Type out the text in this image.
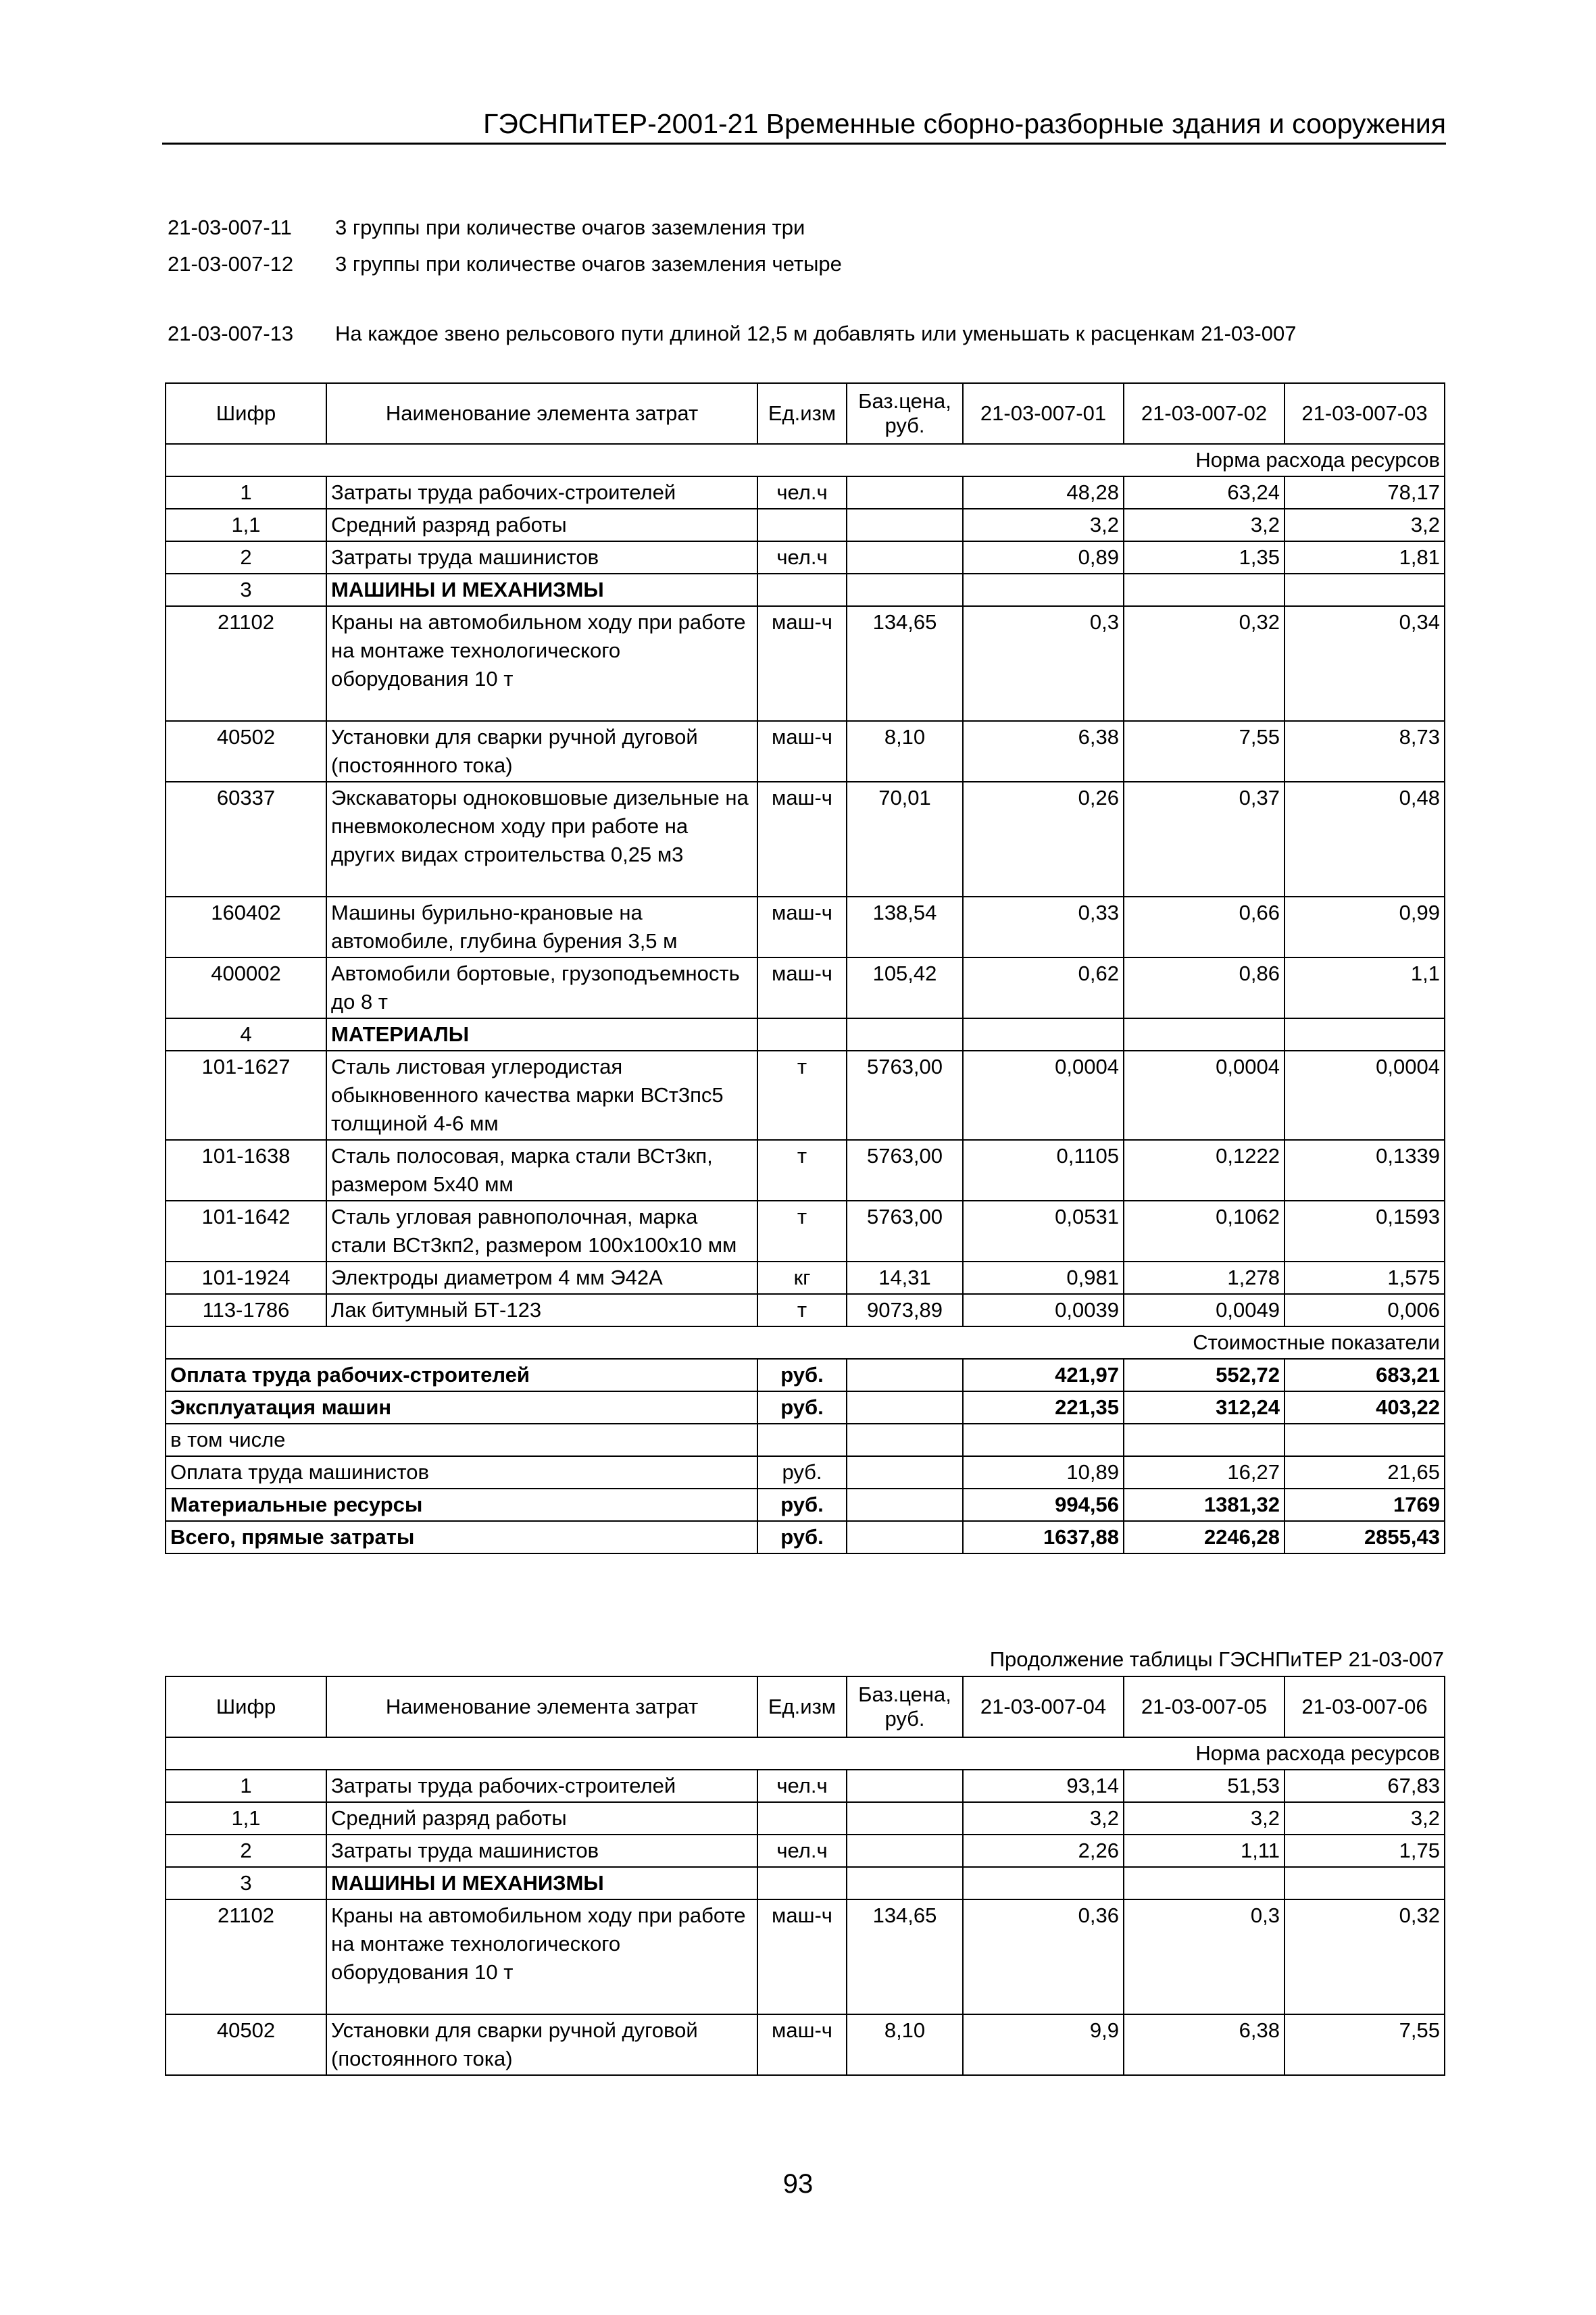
ГЭСНПиТЕР-2001-21 Временные сборно-разборные здания и сооружения
21-03-007-11	3 группы при количестве очагов заземления три
21-03-007-12	3 группы при количестве очагов заземления четыре
21-03-007-13	На каждое звено рельсового пути длиной 12,5 м добавлять или уменьшать к расценкам 21-03-007
Шифр	Наименование элемента затрат	Ед.изм	Баз.цена, руб.	21-03-007-01	21-03-007-02	21-03-007-03
Норма расхода ресурсов						
1	Затраты труда рабочих-строителей	чел.ч		48,28	63,24	78,17
1,1	Средний разряд работы			3,2	3,2	3,2
2	Затраты труда машинистов	чел.ч		0,89	1,35	1,81
3	МАШИНЫ И МЕХАНИЗМЫ					
21102	Краны на автомобильном ходу при работе на монтаже технологического оборудования 10 т	маш-ч	134,65	0,3	0,32	0,34
40502	Установки для сварки ручной дуговой (постоянного тока)	маш-ч	8,10	6,38	7,55	8,73
60337	Экскаваторы одноковшовые дизельные на пневмоколесном ходу при работе на других видах строительства 0,25 м3	маш-ч	70,01	0,26	0,37	0,48
160402	Машины бурильно-крановые на автомобиле, глубина бурения 3,5 м	маш-ч	138,54	0,33	0,66	0,99
400002	Автомобили бортовые, грузоподъемность до 8 т	маш-ч	105,42	0,62	0,86	1,1
4	МАТЕРИАЛЫ					
101-1627	Сталь листовая углеродистая обыкновенного качества марки ВСт3пс5 толщиной 4-6 мм	т	5763,00	0,0004	0,0004	0,0004
101-1638	Сталь полосовая, марка стали ВСт3кп, размером 5х40 мм	т	5763,00	0,1105	0,1222	0,1339
101-1642	Сталь угловая равнополочная, марка стали ВСт3кп2, размером 100х100х10 мм	т	5763,00	0,0531	0,1062	0,1593
101-1924	Электроды диаметром 4 мм Э42А	кг	14,31	0,981	1,278	1,575
113-1786	Лак битумный БТ-123	т	9073,89	0,0039	0,0049	0,006
Стоимостные показатели						
Оплата труда рабочих-строителей		руб.		421,97	552,72	683,21
Эксплуатация машин		руб.		221,35	312,24	403,22
в том числе						
Оплата труда машинистов		руб.		10,89	16,27	21,65
Материальные ресурсы		руб.		994,56	1381,32	1769
Всего, прямые затраты		руб.		1637,88	2246,28	2855,43
Продолжение таблицы ГЭСНПиТЕР 21-03-007
Шифр	Наименование элемента затрат	Ед.изм	Баз.цена, руб.	21-03-007-04	21-03-007-05	21-03-007-06
Норма расхода ресурсов						
1	Затраты труда рабочих-строителей	чел.ч		93,14	51,53	67,83
1,1	Средний разряд работы			3,2	3,2	3,2
2	Затраты труда машинистов	чел.ч		2,26	1,11	1,75
3	МАШИНЫ И МЕХАНИЗМЫ					
21102	Краны на автомобильном ходу при работе на монтаже технологического оборудования 10 т	маш-ч	134,65	0,36	0,3	0,32
40502	Установки для сварки ручной дуговой (постоянного тока)	маш-ч	8,10	9,9	6,38	7,55
93
